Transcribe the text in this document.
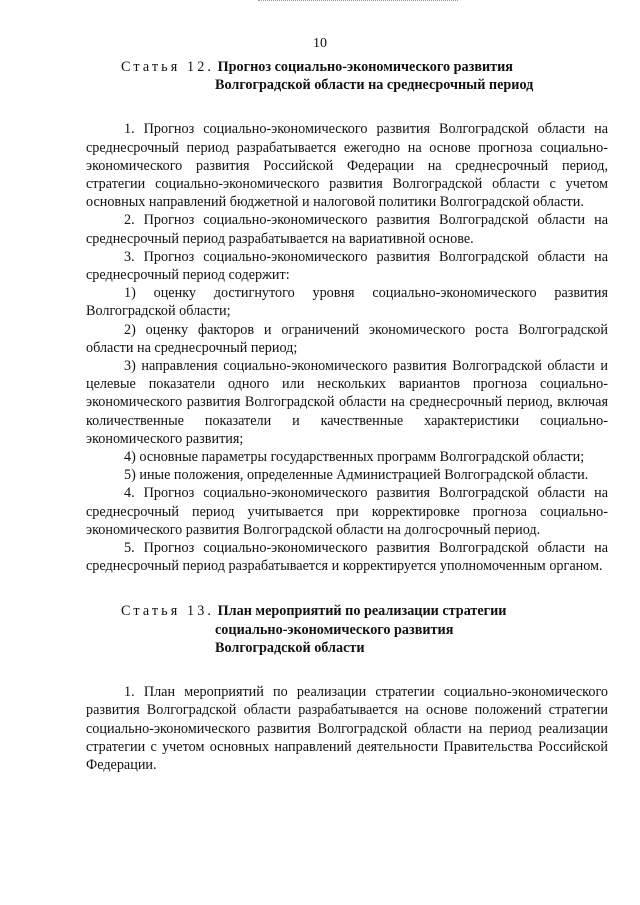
10
Статья 12. Прогноз социально-экономического развития
Волгоградской области на среднесрочный период

1. Прогноз социально-экономического развития Волгоградской области на среднесрочный период разрабатывается ежегодно на основе прогноза социально-экономического развития Российской Федерации на среднесрочный период, стратегии социально-экономического развития Волгоградской области с учетом основных направлений бюджетной и налоговой политики Волгоградской области.

2. Прогноз социально-экономического развития Волгоградской области на среднесрочный период разрабатывается на вариативной основе.

3. Прогноз социально-экономического развития Волгоградской области на среднесрочный период содержит:

1) оценку достигнутого уровня социально-экономического развития Волгоградской области;

2) оценку факторов и ограничений экономического роста Волгоградской области на среднесрочный период;

3) направления социально-экономического развития Волгоградской области и целевые показатели одного или нескольких вариантов прогноза социально-экономического развития Волгоградской области на среднесрочный период, включая количественные показатели и качественные характеристики социально-экономического развития;

4) основные параметры государственных программ Волгоградской области;

5) иные положения, определенные Администрацией Волгоградской области.

4. Прогноз социально-экономического развития Волгоградской области на среднесрочный период учитывается при корректировке прогноза социально-экономического развития Волгоградской области на долгосрочный период.

5. Прогноз социально-экономического развития Волгоградской области на среднесрочный период разрабатывается и корректируется уполномоченным органом.

Статья 13. План мероприятий по реализации стратегии
социально-экономического развития
Волгоградской области

1. План мероприятий по реализации стратегии социально-экономического развития Волгоградской области разрабатывается на основе положений стратегии социально-экономического развития Волгоградской области на период реализации стратегии с учетом основных направлений деятельности Правительства Российской Федерации.
